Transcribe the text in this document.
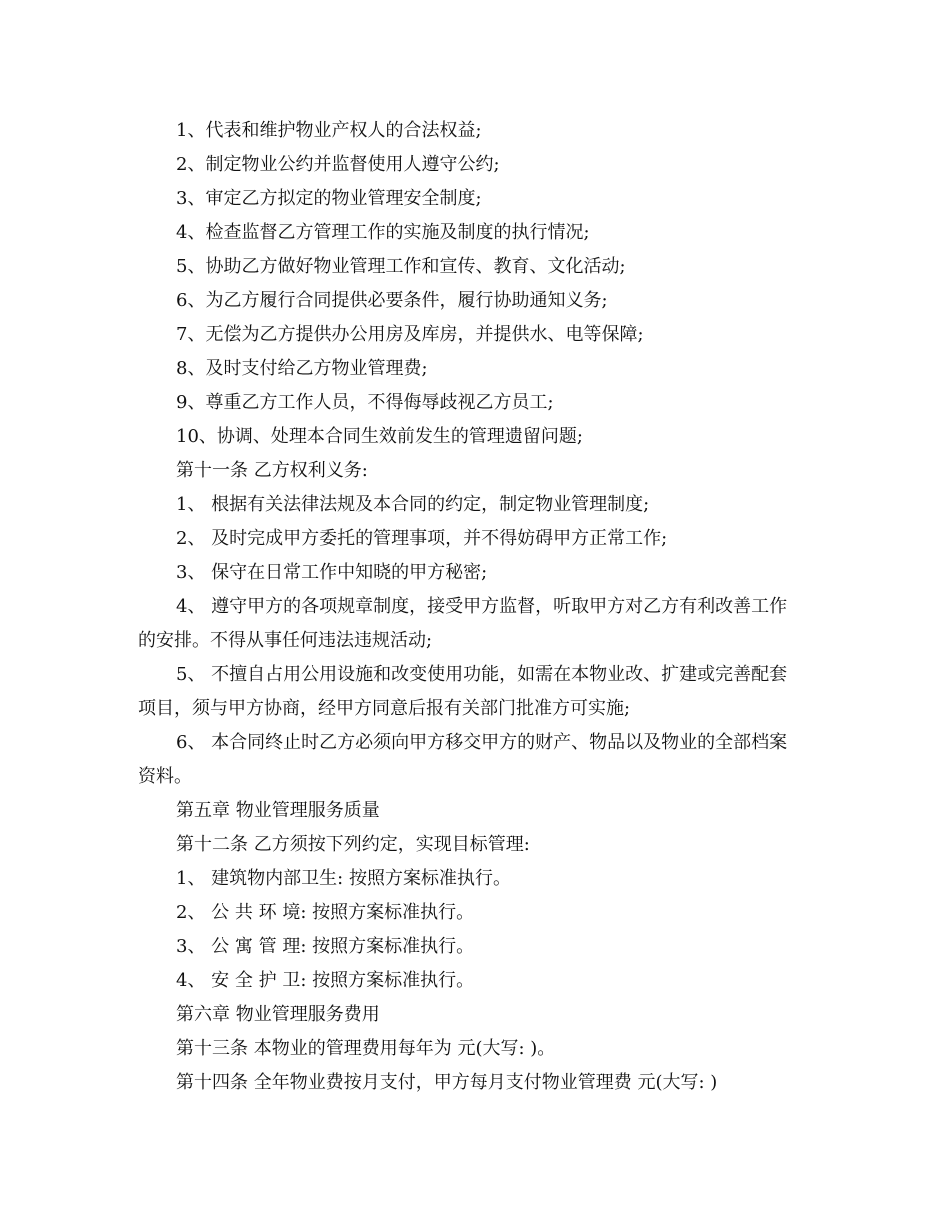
1、代表和维护物业产权人的合法权益;
2、制定物业公约并监督使用人遵守公约;
3、审定乙方拟定的物业管理安全制度;
4、检查监督乙方管理工作的实施及制度的执行情况;
5、协助乙方做好物业管理工作和宣传、教育、文化活动;
6、为乙方履行合同提供必要条件，履行协助通知义务;
7、无偿为乙方提供办公用房及库房，并提供水、电等保障;
8、及时支付给乙方物业管理费;
9、尊重乙方工作人员，不得侮辱歧视乙方员工;
10、协调、处理本合同生效前发生的管理遗留问题;
第十一条 乙方权利义务:
1、 根据有关法律法规及本合同的约定，制定物业管理制度;
2、 及时完成甲方委托的管理事项，并不得妨碍甲方正常工作;
3、 保守在日常工作中知晓的甲方秘密;
4、 遵守甲方的各项规章制度，接受甲方监督，听取甲方对乙方有利改善工作
的安排。不得从事任何违法违规活动;
5、 不擅自占用公用设施和改变使用功能，如需在本物业改、扩建或完善配套
项目，须与甲方协商，经甲方同意后报有关部门批准方可实施;
6、 本合同终止时乙方必须向甲方移交甲方的财产、物品以及物业的全部档案
资料。
第五章 物业管理服务质量
第十二条 乙方须按下列约定，实现目标管理:
1、 建筑物内部卫生: 按照方案标准执行。
2、 公 共 环 境: 按照方案标准执行。
3、 公 寓 管 理: 按照方案标准执行。
4、 安 全 护 卫: 按照方案标准执行。
第六章 物业管理服务费用
第十三条 本物业的管理费用每年为 元(大写: )。
第十四条 全年物业费按月支付，甲方每月支付物业管理费 元(大写: )
